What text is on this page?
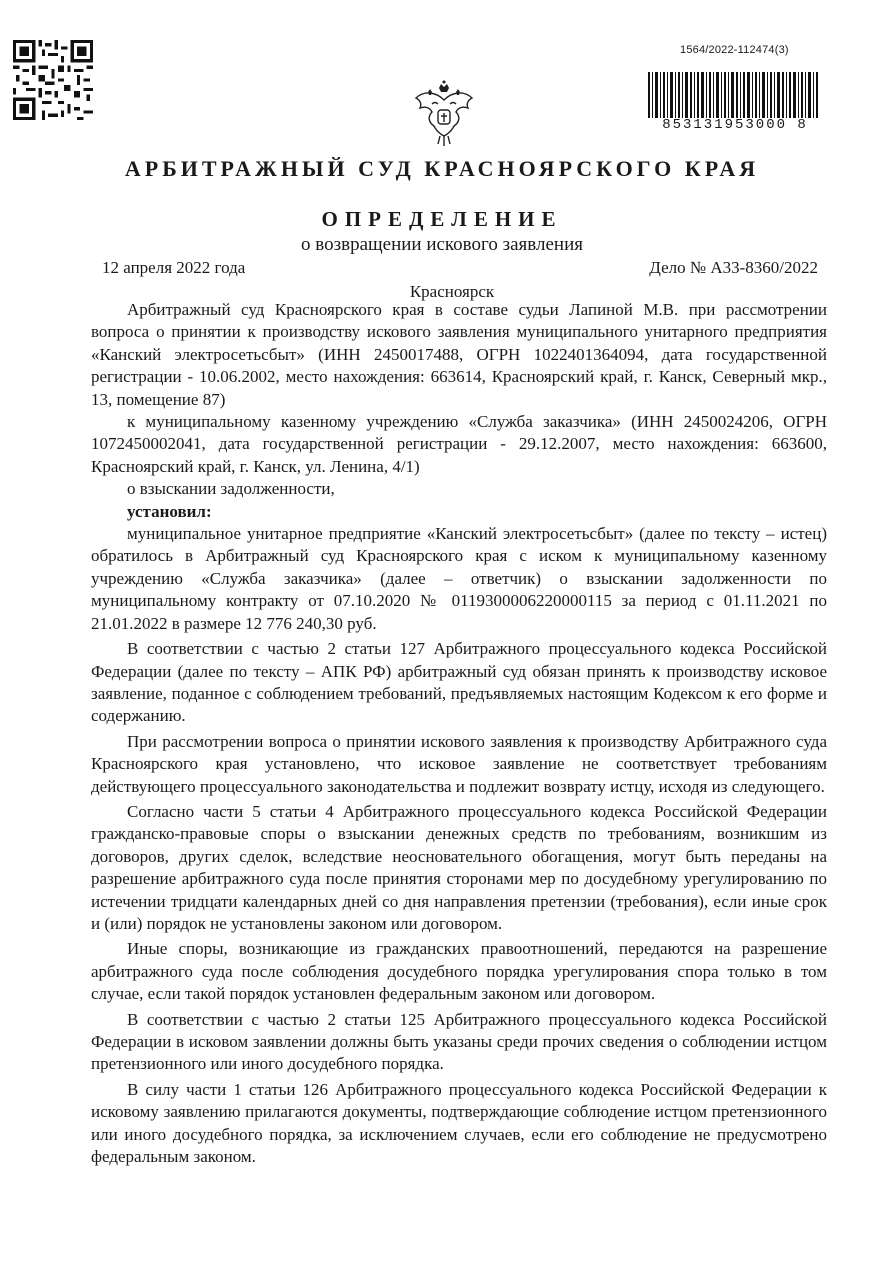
1564/2022-112474(3)
853131953000 8
АРБИТРАЖНЫЙ СУД КРАСНОЯРСКОГО КРАЯ
ОПРЕДЕЛЕНИЕ
о возвращении искового заявления
12 апреля 2022 года	Дело № А33-8360/2022
Красноярск

Арбитражный суд Красноярского края в составе судьи Лапиной М.В. при рассмотрении вопроса о принятии к производству искового заявления муниципального унитарного предприятия «Канский электросетьсбыт» (ИНН 2450017488, ОГРН 1022401364094, дата государственной регистрации - 10.06.2002, место нахождения: 663614, Красноярский край, г. Канск, Северный мкр., 13, помещение 87)

к муниципальному казенному учреждению «Служба заказчика» (ИНН 2450024206, ОГРН 1072450002041, дата государственной регистрации - 29.12.2007, место нахождения: 663600, Красноярский край, г. Канск, ул. Ленина, 4/1)

о взыскании задолженности,

установил:

муниципальное унитарное предприятие «Канский электросетьсбыт» (далее по тексту – истец) обратилось в Арбитражный суд Красноярского края с иском к муниципальному казенному учреждению «Служба заказчика» (далее – ответчик) о взыскании задолженности по муниципальному контракту от 07.10.2020 № 0119300006220000115 за период с 01.11.2021 по 21.01.2022 в размере 12 776 240,30 руб.

В соответствии с частью 2 статьи 127 Арбитражного процессуального кодекса Российской Федерации (далее по тексту – АПК РФ) арбитражный суд обязан принять к производству исковое заявление, поданное с соблюдением требований, предъявляемых настоящим Кодексом к его форме и содержанию.

При рассмотрении вопроса о принятии искового заявления к производству Арбитражного суда Красноярского края установлено, что исковое заявление не соответствует требованиям действующего процессуального законодательства и подлежит возврату истцу, исходя из следующего.

Согласно части 5 статьи 4 Арбитражного процессуального кодекса Российской Федерации гражданско-правовые споры о взыскании денежных средств по требованиям, возникшим из договоров, других сделок, вследствие неосновательного обогащения, могут быть переданы на разрешение арбитражного суда после принятия сторонами мер по досудебному урегулированию по истечении тридцати календарных дней со дня направления претензии (требования), если иные срок и (или) порядок не установлены законом или договором.

Иные споры, возникающие из гражданских правоотношений, передаются на разрешение арбитражного суда после соблюдения досудебного порядка урегулирования спора только в том случае, если такой порядок установлен федеральным законом или договором.

В соответствии с частью 2 статьи 125 Арбитражного процессуального кодекса Российской Федерации в исковом заявлении должны быть указаны среди прочих сведения о соблюдении истцом претензионного или иного досудебного порядка.

В силу части 1 статьи 126 Арбитражного процессуального кодекса Российской Федерации к исковому заявлению прилагаются документы, подтверждающие соблюдение истцом претензионного или иного досудебного порядка, за исключением случаев, если его соблюдение не предусмотрено федеральным законом.
